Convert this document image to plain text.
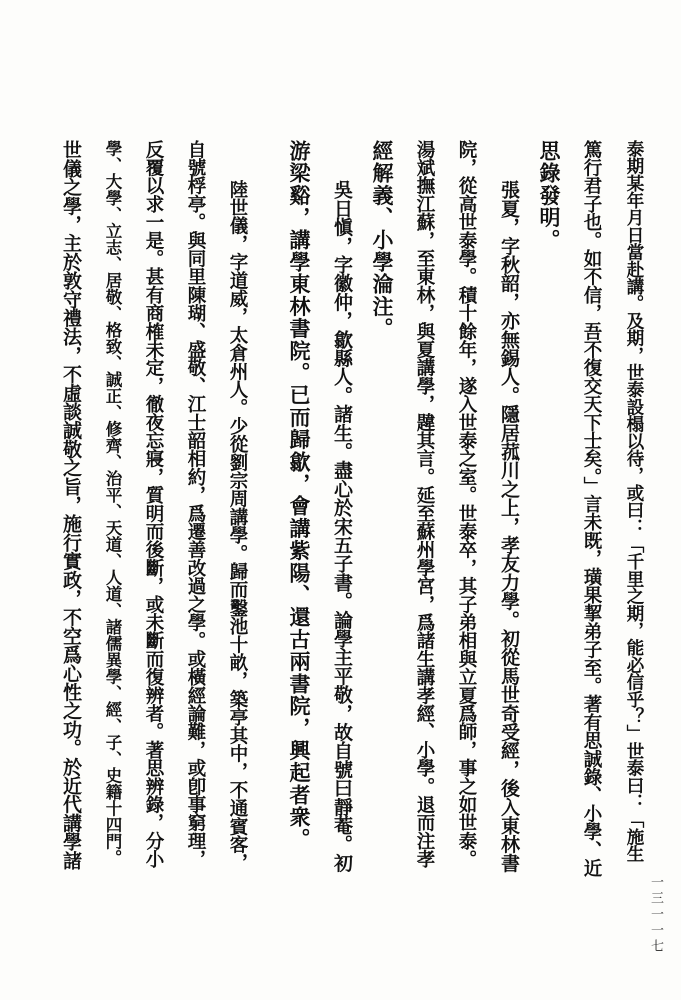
泰期某年月日當赴講。及期，世泰設榻以待，或曰：「千里之期，能必信乎？」世泰曰：「施生
篤行君子也。如不信，吾不復交天下士矣。」言未既，璜果挈弟子至。著有思誠錄、小學、近
思錄發明。
張夏，字秋韶，亦無錫人。隱居菰川之上，孝友力學。初從馬世奇受經，後入東林書
院，從高世泰學。積十餘年，遂入世泰之室。世泰卒，其子弟相與立夏爲師，事之如世泰。
湯斌撫江蘇，至東林，與夏講學，韙其言。延至蘇州學宮，爲諸生講孝經、小學。退而注孝
經解義、小學淪注。
吳日愼，字徽仲，歙縣人。諸生。盡心於宋五子書。論學主平敬，故自號曰靜菴。初
游梁谿，講學東林書院。已而歸歙，會講紫陽、還古兩書院，興起者衆。
陸世儀，字道威，太倉州人。少從劉宗周講學。歸而鑿池十畝，築亭其中，不通賓客，
自號桴亭。與同里陳瑚、盛敬、江士韶相約，爲遷善改過之學。或橫經論難，或卽事窮理，
反覆以求一是。甚有商榷未定，徹夜忘寢，質明而後斷，或未斷而復辨者。著思辨錄，分小
學、大學、立志、居敬、格致、誠正、修齊、治平、天道、人道、諸儒異學、經、子、史籍十四門。
世儀之學，主於敦守禮法，不虛談誠敬之旨，施行實政，不空爲心性之功。於近代講學諸
一三一一七
